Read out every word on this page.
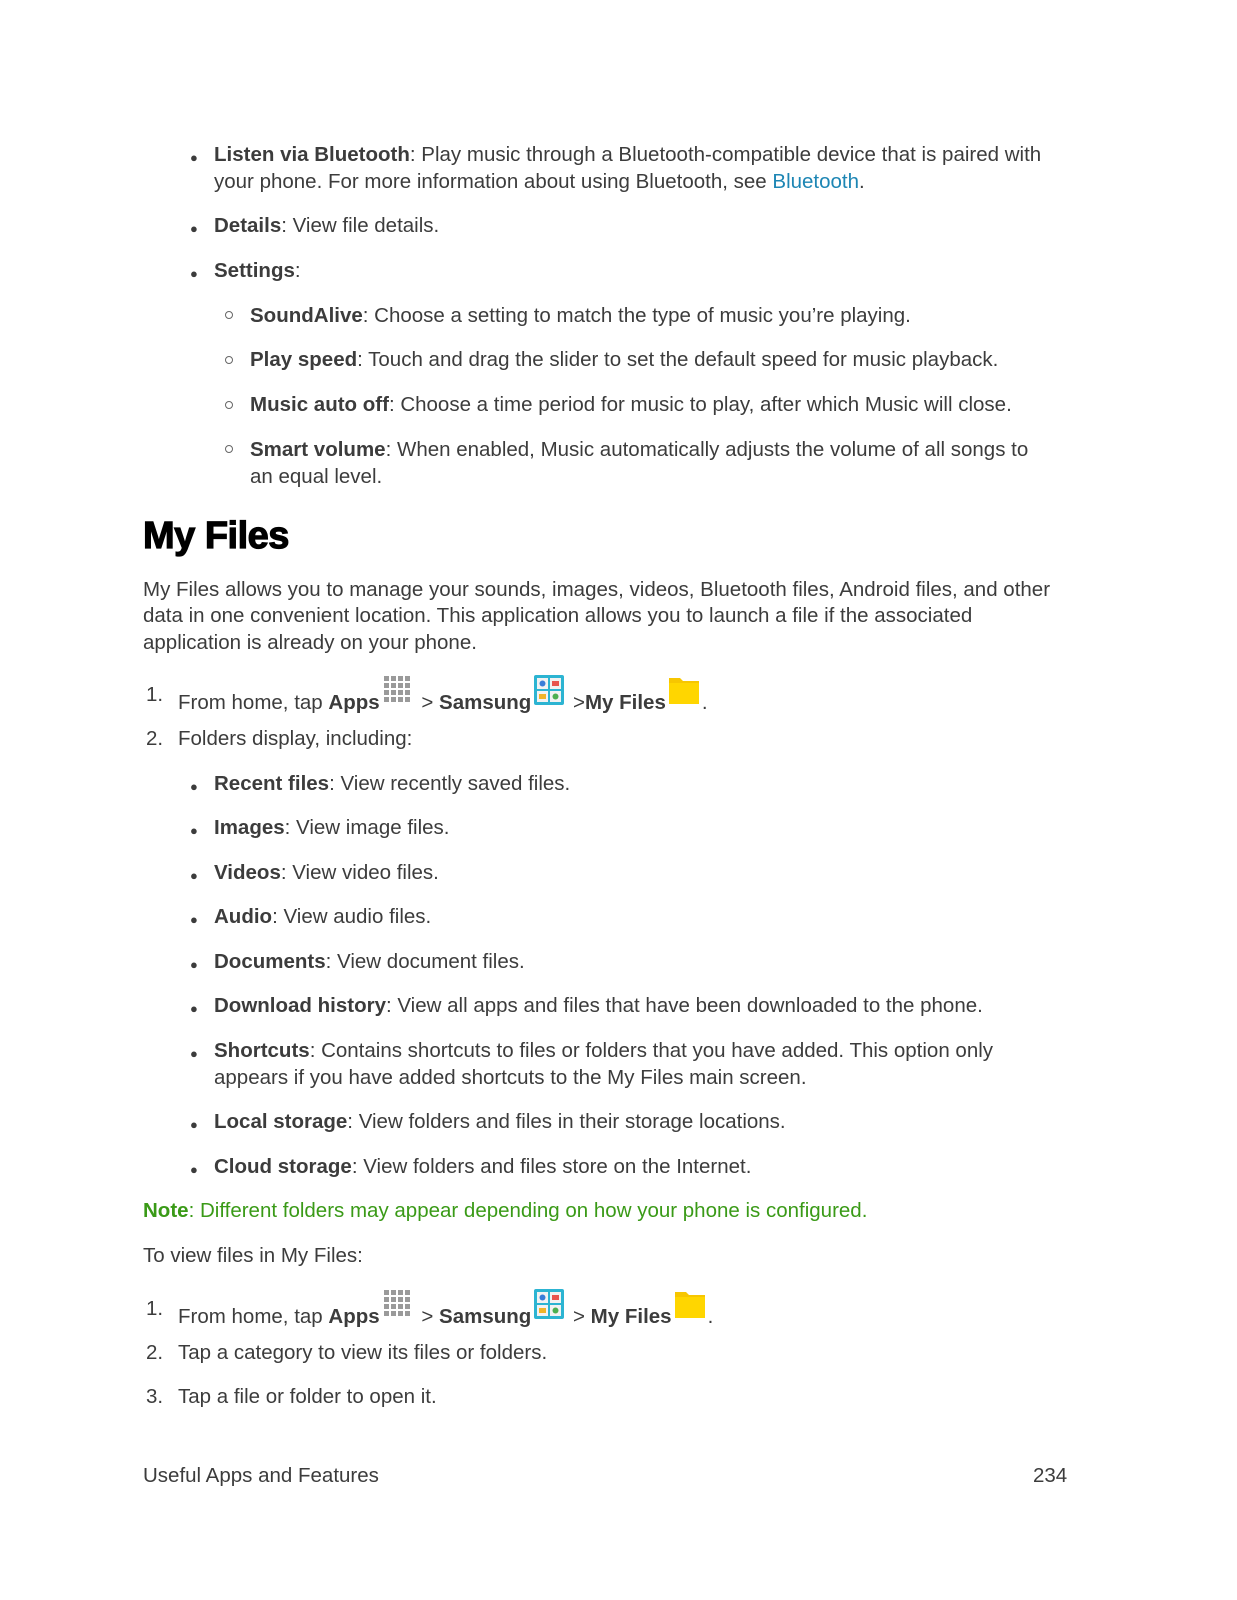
● Listen via Bluetooth: Play music through a Bluetooth-compatible device that is paired with
your phone. For more information about using Bluetooth, see Bluetooth.
● Details: View file details.
● Settings:
SoundAlive: Choose a setting to match the type of music you’re playing.
Play speed: Touch and drag the slider to set the default speed for music playback.
Music auto off: Choose a time period for music to play, after which Music will close.
Smart volume: When enabled, Music automatically adjusts the volume of all songs to
an equal level.
My Files
My Files allows you to manage your sounds, images, videos, Bluetooth files, Android files, and other
data in one convenient location. This application allows you to launch a file if the associated
application is already on your phone.
1. From home, tap Apps > Samsung >My Files .
2. Folders display, including:
● Recent files: View recently saved files.
● Images: View image files.
● Videos: View video files.
● Audio: View audio files.
● Documents: View document files.
● Download history: View all apps and files that have been downloaded to the phone.
● Shortcuts: Contains shortcuts to files or folders that you have added. This option only
appears if you have added shortcuts to the My Files main screen.
● Local storage: View folders and files in their storage locations.
● Cloud storage: View folders and files store on the Internet.
Note: Different folders may appear depending on how your phone is configured.
To view files in My Files:
1. From home, tap Apps > Samsung > My Files .
2. Tap a category to view its files or folders.
3. Tap a file or folder to open it.
Useful Apps and Features	234
